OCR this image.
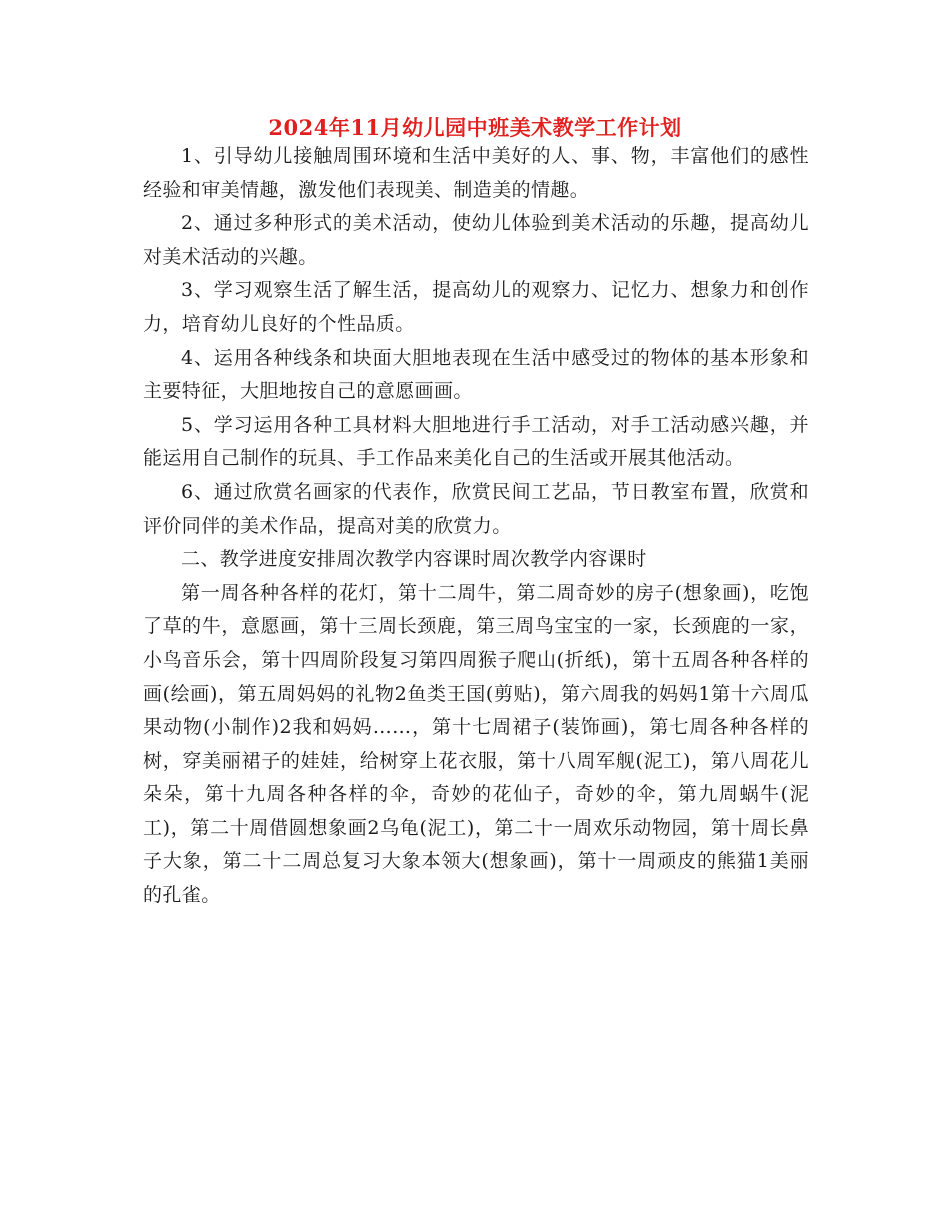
2024年11月幼儿园中班美术教学工作计划

1、引导幼儿接触周围环境和生活中美好的人、事、物，丰富他们的感性经验和审美情趣，激发他们表现美、制造美的情趣。

2、通过多种形式的美术活动，使幼儿体验到美术活动的乐趣，提高幼儿对美术活动的兴趣。

3、学习观察生活了解生活，提高幼儿的观察力、记忆力、想象力和创作力，培育幼儿良好的个性品质。

4、运用各种线条和块面大胆地表现在生活中感受过的物体的基本形象和主要特征，大胆地按自己的意愿画画。

5、学习运用各种工具材料大胆地进行手工活动，对手工活动感兴趣，并能运用自己制作的玩具、手工作品来美化自己的生活或开展其他活动。

6、通过欣赏名画家的代表作，欣赏民间工艺品，节日教室布置，欣赏和评价同伴的美术作品，提高对美的欣赏力。

二、教学进度安排周次教学内容课时周次教学内容课时

第一周各种各样的花灯，第十二周牛，第二周奇妙的房子(想象画)，吃饱了草的牛，意愿画，第十三周长颈鹿，第三周鸟宝宝的一家，长颈鹿的一家，小鸟音乐会，第十四周阶段复习第四周猴子爬山(折纸)，第十五周各种各样的画(绘画)，第五周妈妈的礼物2鱼类王国(剪贴)，第六周我的妈妈1第十六周瓜果动物(小制作)2我和妈妈……，第十七周裙子(装饰画)，第七周各种各样的树，穿美丽裙子的娃娃，给树穿上花衣服，第十八周军舰(泥工)，第八周花儿朵朵，第十九周各种各样的伞，奇妙的花仙子，奇妙的伞，第九周蜗牛(泥工)，第二十周借圆想象画2乌龟(泥工)，第二十一周欢乐动物园，第十周长鼻子大象，第二十二周总复习大象本领大(想象画)，第十一周顽皮的熊猫1美丽的孔雀。
